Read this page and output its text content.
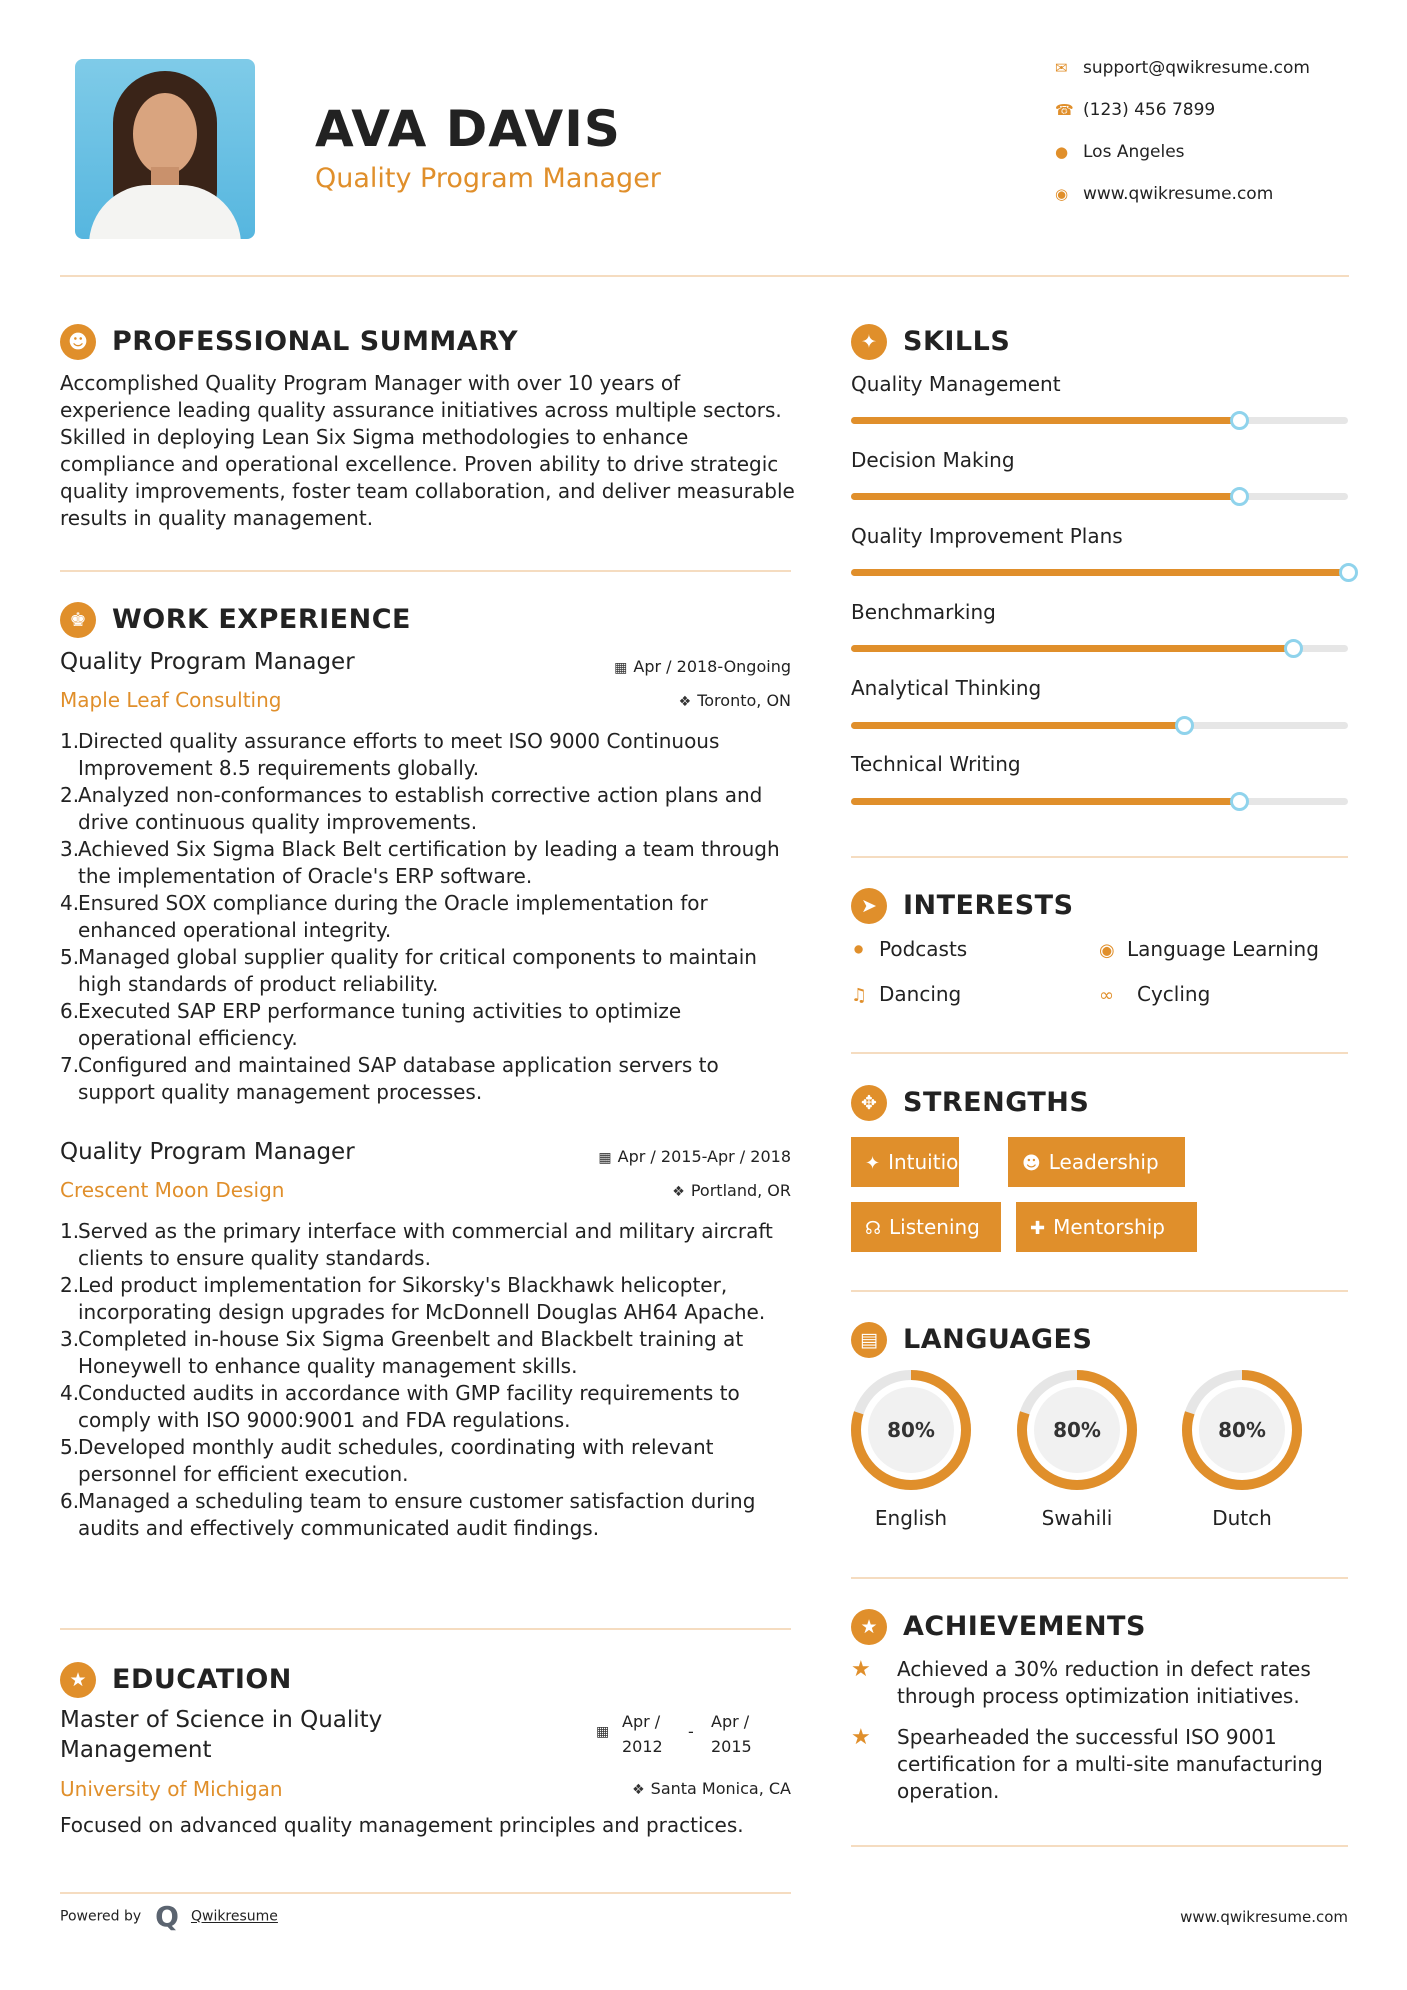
AVA DAVIS
Quality Program Manager
✉ support@qwikresume.com
☎ (123) 456 7899
● Los Angeles
◉ www.qwikresume.com
☻ PROFESSIONAL SUMMARY
Accomplished Quality Program Manager with over 10 years of experience leading quality assurance initiatives across multiple sectors. Skilled in deploying Lean Six Sigma methodologies to enhance compliance and operational excellence. Proven ability to drive strategic quality improvements, foster team collaboration, and deliver measurable results in quality management.
♚ WORK EXPERIENCE
Quality Program Manager	▦ Apr / 2018-Ongoing
Maple Leaf Consulting	❖ Toronto, ON
1.
Directed quality assurance efforts to meet ISO 9000 Continuous Improvement 8.5 requirements globally.
2.
Analyzed non-conformances to establish corrective action plans and drive continuous quality improvements.
3.
Achieved Six Sigma Black Belt certification by leading a team through the implementation of Oracle's ERP software.
4.
Ensured SOX compliance during the Oracle implementation for enhanced operational integrity.
5.
Managed global supplier quality for critical components to maintain high standards of product reliability.
6.
Executed SAP ERP performance tuning activities to optimize operational efficiency.
7.
Configured and maintained SAP database application servers to support quality management processes.
Quality Program Manager	▦ Apr / 2015-Apr / 2018
Crescent Moon Design	❖ Portland, OR
1.
Served as the primary interface with commercial and military aircraft clients to ensure quality standards.
2.
Led product implementation for Sikorsky's Blackhawk helicopter, incorporating design upgrades for McDonnell Douglas AH64 Apache.
3.
Completed in-house Six Sigma Greenbelt and Blackbelt training at Honeywell to enhance quality management skills.
4.
Conducted audits in accordance with GMP facility requirements to comply with ISO 9000:9001 and FDA regulations.
5.
Developed monthly audit schedules, coordinating with relevant personnel for efficient execution.
6.
Managed a scheduling team to ensure customer satisfaction during audits and effectively communicated audit findings.
★ EDUCATION
Master of Science in Quality
Management
▦
Apr /
2012
-
Apr /
2015
University of Michigan	❖ Santa Monica, CA
Focused on advanced quality management principles and practices.
✦ SKILLS
Quality Management
Decision Making
Quality Improvement Plans
Benchmarking
Analytical Thinking
Technical Writing
➤ INTERESTS
⚫ Podcasts	◉ Language Learning
♫ Dancing	∞ Cycling
✥ STRENGTHS
✦ Intuition	☻ Leadership
☊ Listening	✚ Mentorship
▤ LANGUAGES
80%
English
80%
Swahili
80%
Dutch
★ ACHIEVEMENTS
★ Achieved a 30% reduction in defect rates through process optimization initiatives.
★ Spearheaded the successful ISO 9001 certification for a multi-site manufacturing operation.
Powered by Q Qwikresume	www.qwikresume.com
